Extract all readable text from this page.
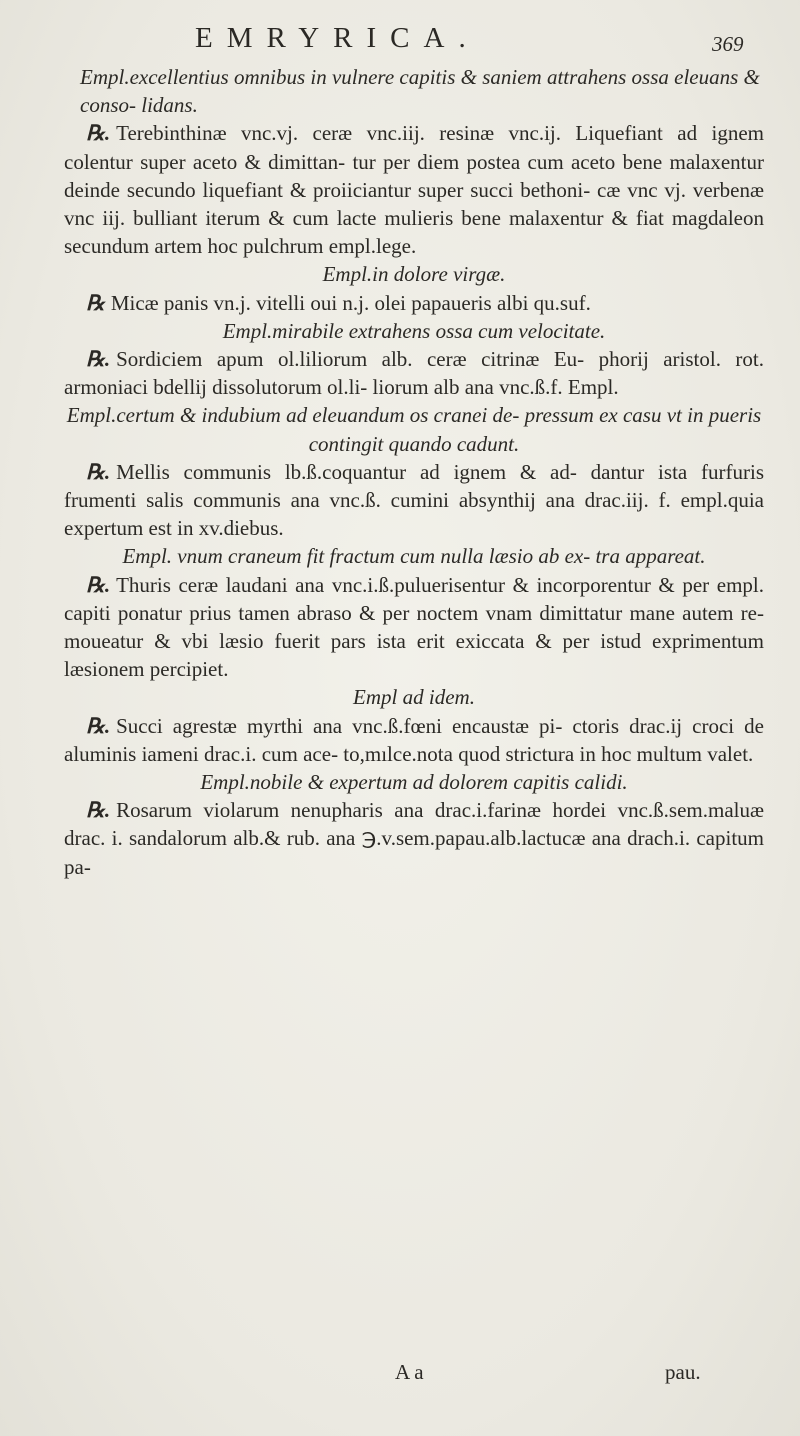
EMRYRICA.	369
Empl.excellentius omnibus in vulnere capitis & saniem attrahens ossa eleuans & conso- lidans.

℞. Terebinthinæ vnc.vj. ceræ vnc.iij. resinæ vnc.ij. Liquefiant ad ignem colentur super aceto & dimittan- tur per diem postea cum aceto bene malaxentur deinde secundo liquefiant & proiiciantur super succi bethoni- cæ vnc vj. verbenæ vnc iij. bulliant iterum & cum lacte mulieris bene malaxentur & fiat magdaleon secundum artem hoc pulchrum empl.lege.

Empl.in dolore virgæ.

℞ Micæ panis vn.j. vitelli oui n.j. olei papaueris albi qu.suf.

Empl.mirabile extrahens ossa cum velocitate.

℞. Sordiciem apum ol.liliorum alb. ceræ citrinæ Eu- phorij aristol. rot. armoniaci bdellij dissolutorum ol.li- liorum alb ana vnc.ß.f. Empl.

Empl.certum & indubium ad eleuandum os cranei de- pressum ex casu vt in pueris contingit quando cadunt.

℞. Mellis communis lb.ß.coquantur ad ignem & ad- dantur ista furfuris frumenti salis communis ana vnc.ß. cumini absynthij ana drac.iij. f. empl.quia expertum est in xv.diebus.

Empl. vnum craneum fit fractum cum nulla læsio ab ex- tra appareat.

℞. Thuris ceræ laudani ana vnc.i.ß.puluerisentur & incorporentur & per empl. capiti ponatur prius tamen abraso & per noctem vnam dimittatur mane autem re- moueatur & vbi læsio fuerit pars ista erit exiccata & per istud exprimentum læsionem percipiet.

Empl ad idem.

℞. Succi agrestæ myrthi ana vnc.ß.fœni encaustæ pi- ctoris drac.ij croci de aluminis iameni drac.i. cum ace- to,mılce.nota quod strictura in hoc multum valet.

Empl.nobile & expertum ad dolorem capitis calidi.

℞. Rosarum violarum nenupharis ana drac.i.farinæ hordei vnc.ß.sem.maluæ drac. i. sandalorum alb.& rub. ana ℈.v.sem.papau.alb.lactucæ ana drach.i. capitum pa-

A a	pau.
